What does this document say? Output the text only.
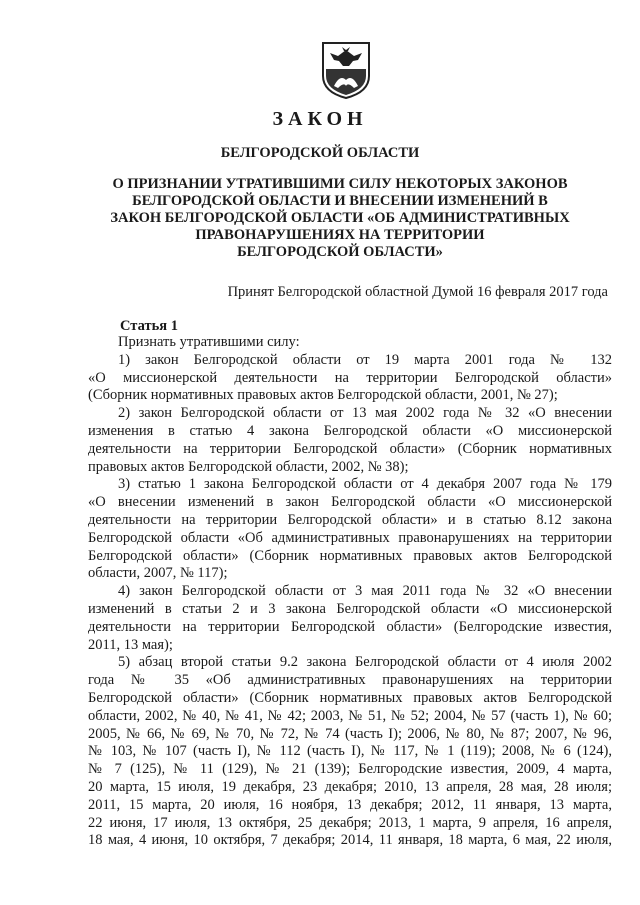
ЗАКОН
БЕЛГОРОДСКОЙ ОБЛАСТИ
О ПРИЗНАНИИ УТРАТИВШИМИ СИЛУ НЕКОТОРЫХ ЗАКОНОВ
БЕЛГОРОДСКОЙ ОБЛАСТИ И ВНЕСЕНИИ ИЗМЕНЕНИЙ В
ЗАКОН БЕЛГОРОДСКОЙ ОБЛАСТИ «ОБ АДМИНИСТРАТИВНЫХ
ПРАВОНАРУШЕНИЯХ НА ТЕРРИТОРИИ
БЕЛГОРОДСКОЙ ОБЛАСТИ»
Принят Белгородской областной Думой 16 февраля 2017 года
Статья 1
Признать утратившими силу:
1) закон Белгородской области от 19 марта 2001 года № 132
«О миссионерской деятельности на территории Белгородской области»
(Сборник нормативных правовых актов Белгородской области, 2001, № 27);
2) закон Белгородской области от 13 мая 2002 года № 32 «О внесении
изменения в статью 4 закона Белгородской области «О миссионерской
деятельности на территории Белгородской области» (Сборник нормативных
правовых актов Белгородской области, 2002, № 38);
3) статью 1 закона Белгородской области от 4 декабря 2007 года № 179
«О внесении изменений в закон Белгородской области «О миссионерской
деятельности на территории Белгородской области» и в статью 8.12 закона
Белгородской области «Об административных правонарушениях на территории
Белгородской области» (Сборник нормативных правовых актов Белгородской
области, 2007, № 117);
4) закон Белгородской области от 3 мая 2011 года № 32 «О внесении
изменений в статьи 2 и 3 закона Белгородской области «О миссионерской
деятельности на территории Белгородской области» (Белгородские известия,
2011, 13 мая);
5) абзац второй статьи 9.2 закона Белгородской области от 4 июля 2002
года № 35 «Об административных правонарушениях на территории
Белгородской области» (Сборник нормативных правовых актов Белгородской
области, 2002, № 40, № 41, № 42; 2003, № 51, № 52; 2004, № 57 (часть 1), № 60;
2005, № 66, № 69, № 70, № 72, № 74 (часть I); 2006, № 80, № 87; 2007, № 96,
№ 103, № 107 (часть I), № 112 (часть I), № 117, № 1 (119); 2008, № 6 (124),
№ 7 (125), № 11 (129), № 21 (139); Белгородские известия, 2009, 4 марта,
20 марта, 15 июля, 19 декабря, 23 декабря; 2010, 13 апреля, 28 мая, 28 июля;
2011, 15 марта, 20 июля, 16 ноября, 13 декабря; 2012, 11 января, 13 марта,
22 июня, 17 июля, 13 октября, 25 декабря; 2013, 1 марта, 9 апреля, 16 апреля,
18 мая, 4 июня, 10 октября, 7 декабря; 2014, 11 января, 18 марта, 6 мая, 22 июля,
